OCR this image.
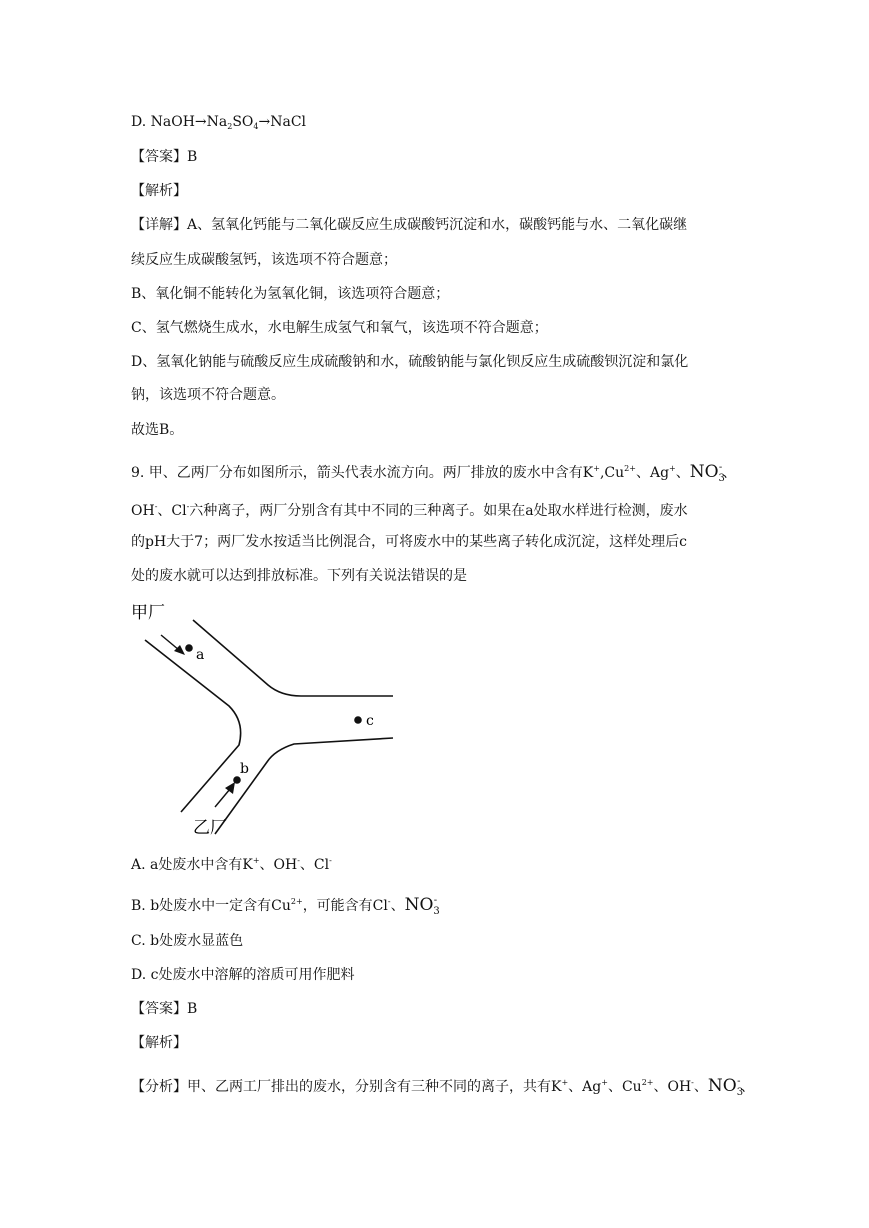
D. $NaOH\to Na_2SO_4\to NaCl$
【答案】B
【解析】
【详解】A、氢氧化钙能与二氧化碳反应生成碳酸钙沉淀和水，碳酸钙能与水、二氧化碳继
续反应生成碳酸氢钙，该选项不符合题意；
B、氧化铜不能转化为氢氧化铜，该选项符合题意；
C、氢气燃烧生成水，水电解生成氢气和氧气，该选项不符合题意；
D、氢氧化钠能与硫酸反应生成硫酸钠和水，硫酸钠能与氯化钡反应生成硫酸钡沉淀和氯化
钠，该选项不符合题意。
故选B。
9. 甲、乙两厂分布如图所示，箭头代表水流方向。两厂排放的废水中含有$K^+,Cu^{2+}$、Ag+、$NO_3^-$、
OH-、Cl-六种离子，两厂分别含有其中不同的三种离子。如果在a处取水样进行检测，废水
的pH大于7；两厂发水按适当比例混合，可将废水中的某些离子转化成沉淀，这样处理后c
处的废水就可以达到排放标准。下列有关说法错误的是
a
b
c
甲厂
乙厂
A. a处废水中含有K+、OH-、Cl-
B. b处废水中一定含有$Cu^{2+}$，可能含有Cl-、$NO_3^-$
C. b处废水显蓝色
D. c处废水中溶解的溶质可用作肥料
【答案】B
【解析】
【分析】甲、乙两工厂排出的废水，分别含有三种不同的离子，共有K+、Ag+、$Cu^{2+}$、OH-、$NO_3^-$、
